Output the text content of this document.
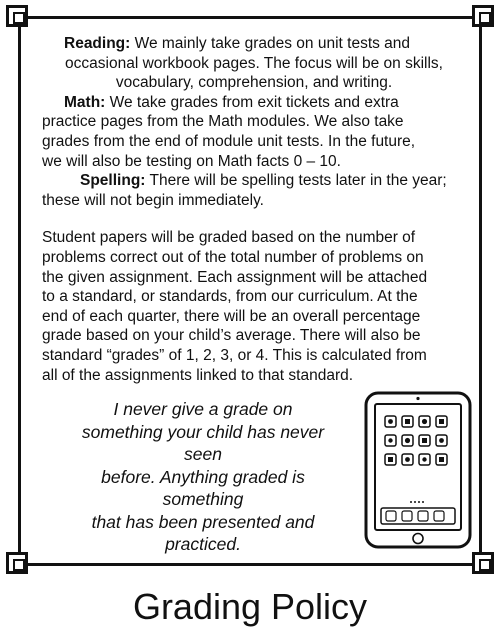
Reading: We mainly take grades on unit tests and
occasional workbook pages. The focus will be on skills,
vocabulary, comprehension, and writing.
Math: We take grades from exit tickets and extra
practice pages from the Math modules. We also take
grades from the end of module unit tests. In the future,
we will also be testing on Math facts 0 – 10.
Spelling: There will be spelling tests later in the year;
these will not begin immediately.
Student papers will be graded based on the number of
problems correct out of the total number of problems on
the given assignment. Each assignment will be attached
to a standard, or standards, from our curriculum. At the
end of each quarter, there will be an overall percentage
grade based on your child’s average. There will also be
standard “grades” of 1, 2, 3, or 4. This is calculated from
all of the assignments linked to that standard.
I never give a grade on
something your child has never seen
before. Anything graded is something
that has been presented and
practiced.
Grading Policy
